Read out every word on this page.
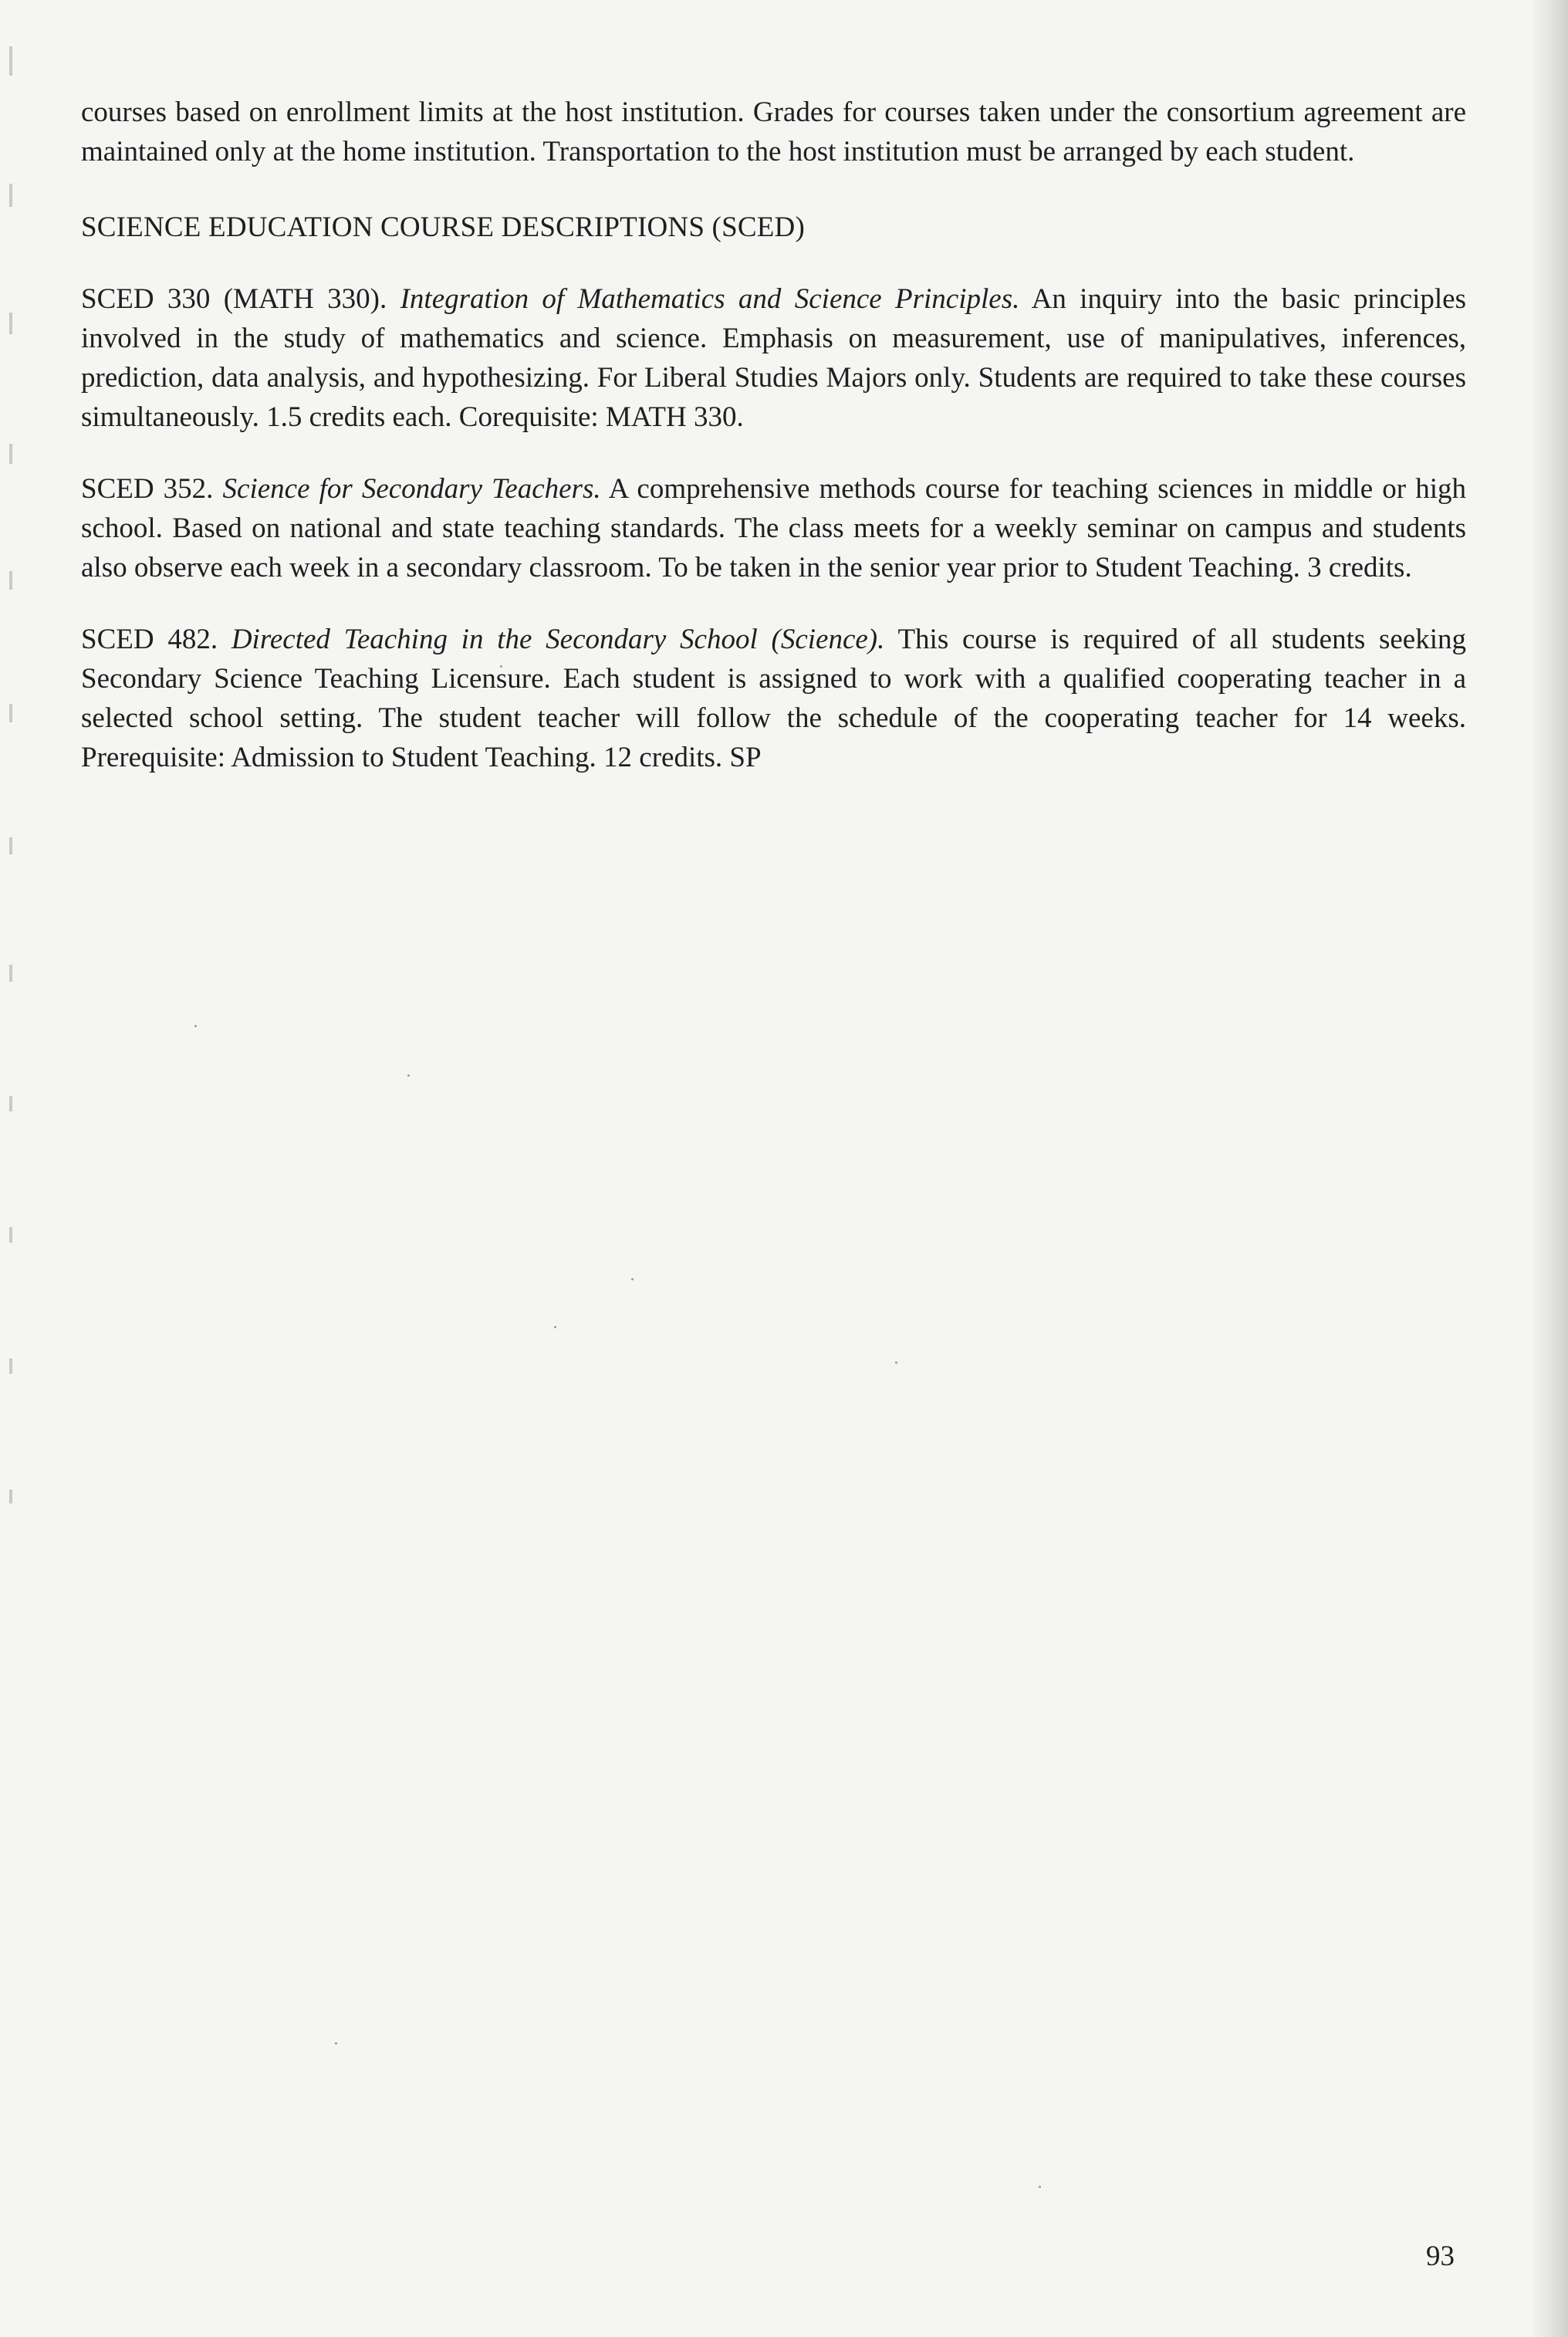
courses based on enrollment limits at the host institution. Grades for courses taken under the consortium agreement are maintained only at the home institution. Transportation to the host institution must be arranged by each student.

SCIENCE EDUCATION COURSE DESCRIPTIONS (SCED)

SCED 330 (MATH 330). Integration of Mathematics and Science Principles. An inquiry into the basic principles involved in the study of mathematics and science. Emphasis on measurement, use of manipulatives, inferences, prediction, data analysis, and hypothesizing. For Liberal Studies Majors only. Students are required to take these courses simultaneously. 1.5 credits each. Corequisite: MATH 330.

SCED 352. Science for Secondary Teachers. A comprehensive methods course for teaching sciences in middle or high school. Based on national and state teaching standards. The class meets for a weekly seminar on campus and students also observe each week in a secondary classroom. To be taken in the senior year prior to Student Teaching. 3 credits.

SCED 482. Directed Teaching in the Secondary School (Science). This course is required of all students seeking Secondary Science Teaching Licensure. Each student is assigned to work with a qualified cooperating teacher in a selected school setting. The student teacher will follow the schedule of the cooperating teacher for 14 weeks. Prerequisite: Admission to Student Teaching. 12 credits. SP

93
